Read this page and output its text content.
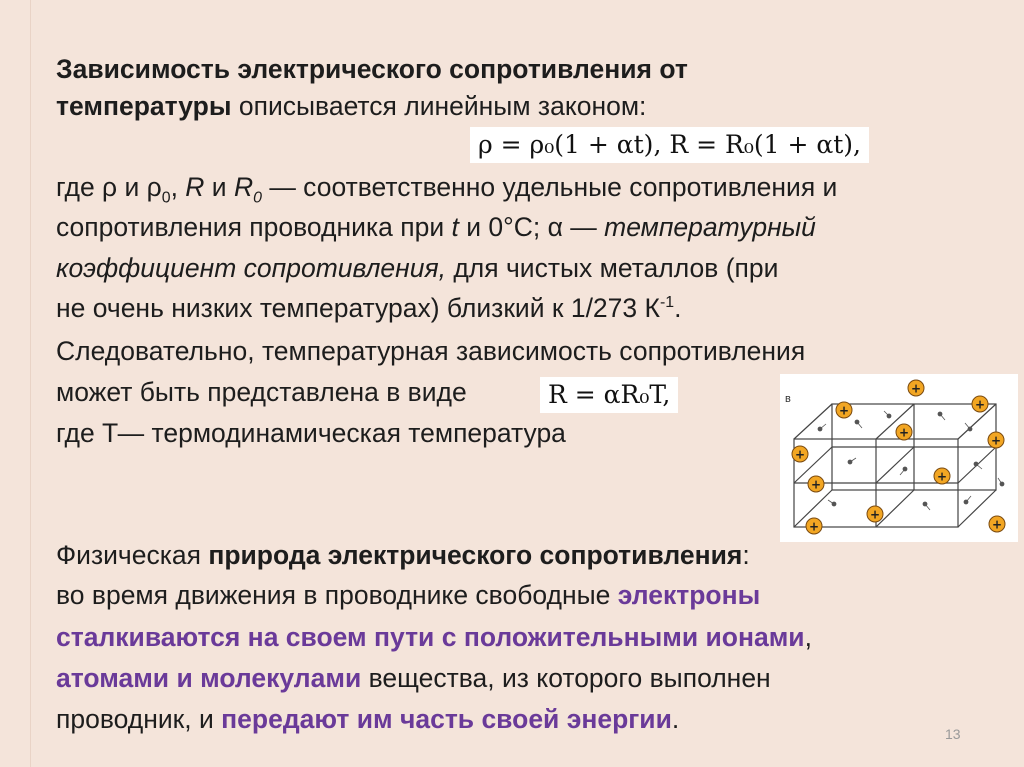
Зависимость электрического сопротивления от
температуры описывается линейным законом:
ρ = ρ₀(1 + αt), R = R₀(1 + αt),
где ρ и $\rho_0$, R и $R_0$ — соответственно удельные сопротивления и
сопротивления проводника при t и 0°С; α — температурный
коэффициент сопротивления, для чистых металлов (при
не очень низких температурах) близкий к 1/273 $К^{-1}$.
Следовательно, температурная зависимость сопротивления
может быть представлена в виде	R = αR₀T,
где Т— термодинамическая температура
в
+
+	+
+
+
+
+
+
+
+	+
Физическая природа электрического сопротивления:
во время движения в проводнике свободные электроны
сталкиваются на своем пути с положительными ионами,
атомами и молекулами вещества, из которого выполнен
проводник, и передают им часть своей энергии.	13
